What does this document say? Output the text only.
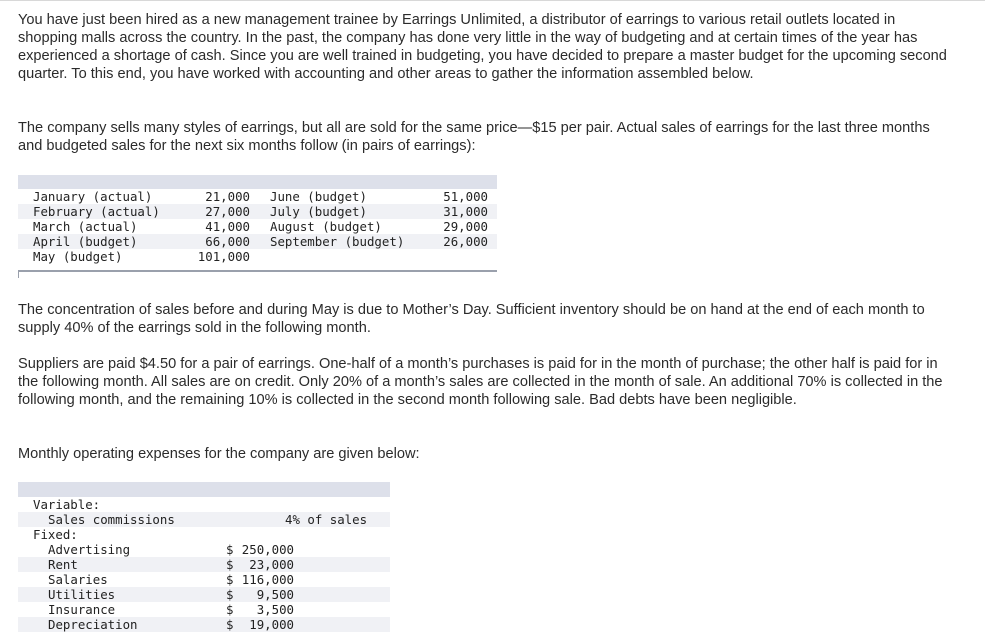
You have just been hired as a new management trainee by Earrings Unlimited, a distributor of earrings to various retail outlets located in shopping malls across the country. In the past, the company has done very little in the way of budgeting and at certain times of the year has experienced a shortage of cash. Since you are well trained in budgeting, you have decided to prepare a master budget for the upcoming second quarter. To this end, you have worked with accounting and other areas to gather the information assembled below.

The company sells many styles of earrings, but all are sold for the same price—$15 per pair. Actual sales of earrings for the last three months and budgeted sales for the next six months follow (in pairs of earrings):

January (actual)	21,000 June (budget)	51,000
February (actual)	27,000 July (budget)	31,000
March (actual)	41,000 August (budget)	29,000
April (budget)	66,000 September (budget)	26,000
May (budget)	101,000

The concentration of sales before and during May is due to Mother’s Day. Sufficient inventory should be on hand at the end of each month to supply 40% of the earrings sold in the following month.

Suppliers are paid $4.50 for a pair of earrings. One-half of a month’s purchases is paid for in the month of purchase; the other half is paid for in the following month. All sales are on credit. Only 20% of a month’s sales are collected in the month of sale. An additional 70% is collected in the following month, and the remaining 10% is collected in the second month following sale. Bad debts have been negligible.

Monthly operating expenses for the company are given below:

Variable:
Sales commissions	4% of sales
Fixed:
Advertising	$ 250,000
Rent	$	23,000
Salaries	$ 116,000
Utilities	$	9,500
Insurance	$	3,500
Depreciation	$	19,000
